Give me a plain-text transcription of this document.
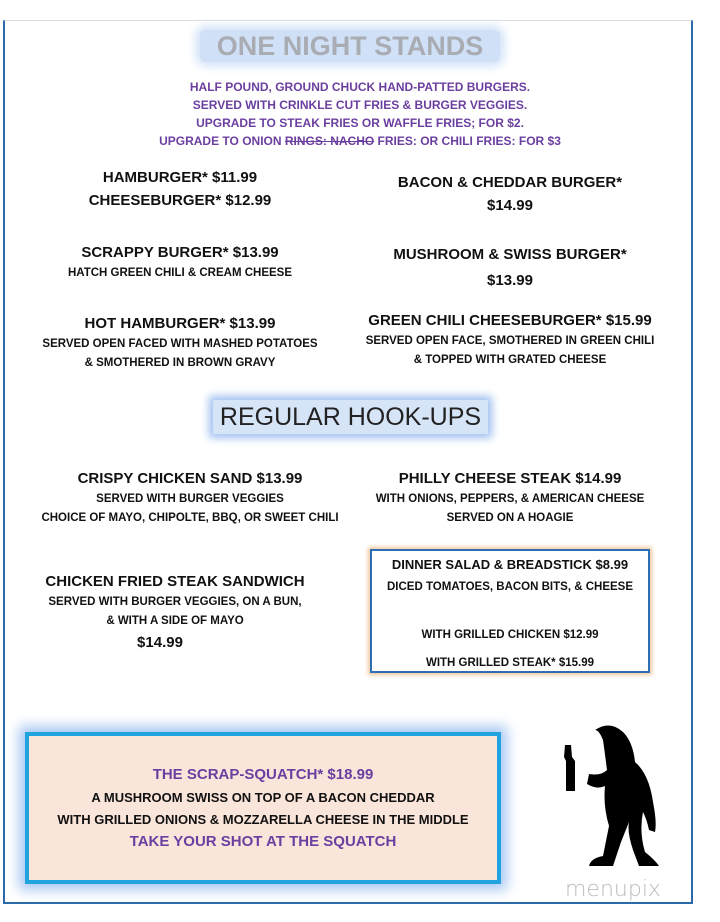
ONE NIGHT STANDS
HALF POUND, GROUND CHUCK HAND-PATTED BURGERS.
SERVED WITH CRINKLE CUT FRIES & BURGER VEGGIES.
UPGRADE TO STEAK FRIES OR WAFFLE FRIES; FOR $2.
UPGRADE TO ONION RINGS: NACHO FRIES: OR CHILI FRIES: FOR $3
HAMBURGER* $11.99
CHEESEBURGER* $12.99
BACON & CHEDDAR BURGER*
$14.99
SCRAPPY BURGER* $13.99
HATCH GREEN CHILI & CREAM CHEESE
MUSHROOM & SWISS BURGER*
$13.99
HOT HAMBURGER* $13.99
SERVED OPEN FACED WITH MASHED POTATOES
& SMOTHERED IN BROWN GRAVY
GREEN CHILI CHEESEBURGER* $15.99
SERVED OPEN FACE, SMOTHERED IN GREEN CHILI
& TOPPED WITH GRATED CHEESE
REGULAR HOOK-UPS
CRISPY CHICKEN SAND $13.99
SERVED WITH BURGER VEGGIES
CHOICE OF MAYO, CHIPOLTE, BBQ, OR SWEET CHILI
PHILLY CHEESE STEAK $14.99
WITH ONIONS, PEPPERS, & AMERICAN CHEESE
SERVED ON A HOAGIE
CHICKEN FRIED STEAK SANDWICH
SERVED WITH BURGER VEGGIES, ON A BUN,
& WITH A SIDE OF MAYO
$14.99
DINNER SALAD & BREADSTICK $8.99
DICED TOMATOES, BACON BITS, & CHEESE
WITH GRILLED CHICKEN $12.99
WITH GRILLED STEAK* $15.99
THE SCRAP-SQUATCH* $18.99
A MUSHROOM SWISS ON TOP OF A BACON CHEDDAR
WITH GRILLED ONIONS & MOZZARELLA CHEESE IN THE MIDDLE
TAKE YOUR SHOT AT THE SQUATCH
menupix
